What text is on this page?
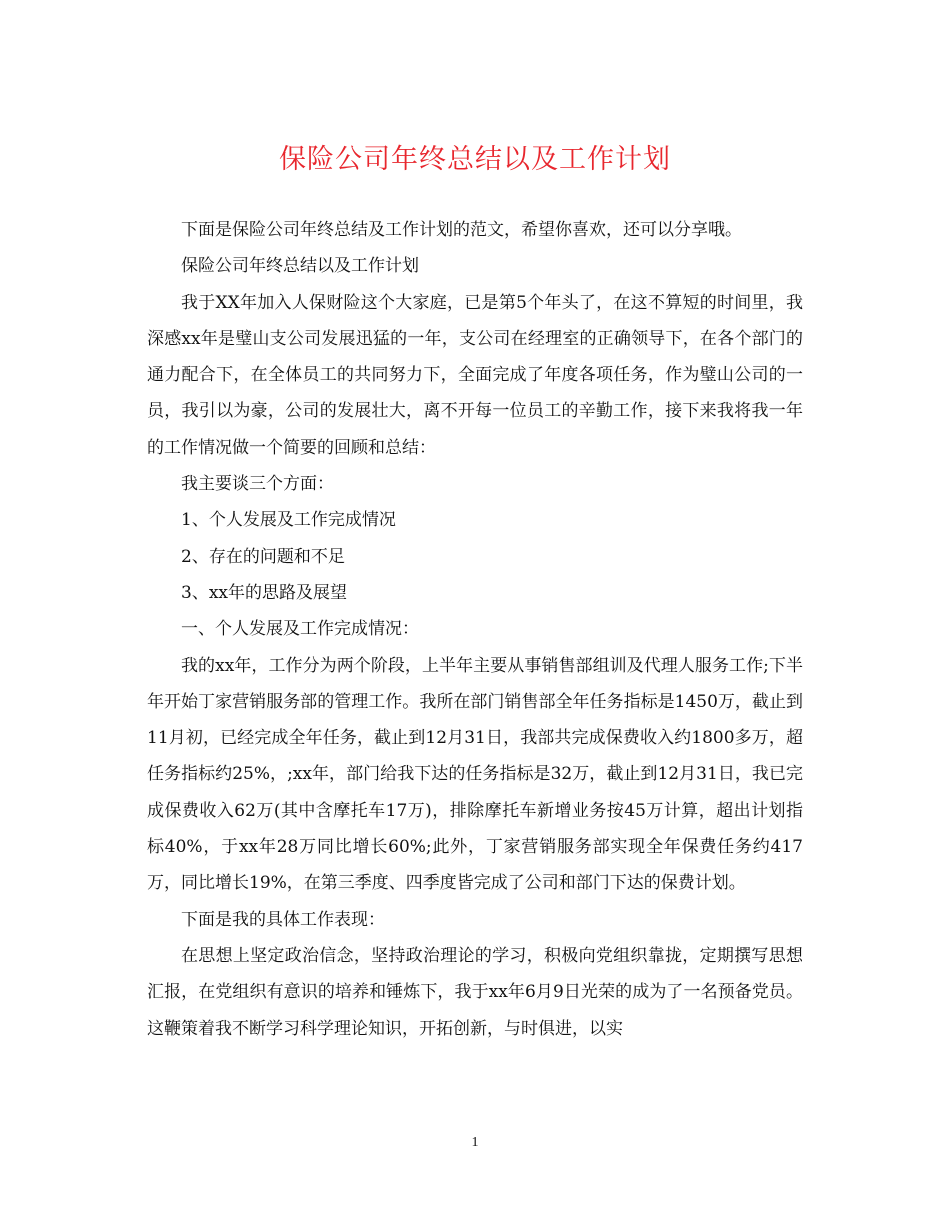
保险公司年终总结以及工作计划

下面是保险公司年终总结及工作计划的范文，希望你喜欢，还可以分享哦。

保险公司年终总结以及工作计划

我于XX年加入人保财险这个大家庭，已是第5个年头了，在这不算短的时间里，我深感xx年是璧山支公司发展迅猛的一年，支公司在经理室的正确领导下，在各个部门的通力配合下，在全体员工的共同努力下，全面完成了年度各项任务，作为璧山公司的一员，我引以为豪，公司的发展壮大，离不开每一位员工的辛勤工作，接下来我将我一年的工作情况做一个简要的回顾和总结：

我主要谈三个方面：

1、个人发展及工作完成情况

2、存在的问题和不足

3、xx年的思路及展望

一、个人发展及工作完成情况：

我的xx年，工作分为两个阶段，上半年主要从事销售部组训及代理人服务工作;下半年开始丁家营销服务部的管理工作。我所在部门销售部全年任务指标是1450万，截止到11月初，已经完成全年任务，截止到12月31日，我部共完成保费收入约1800多万，超任务指标约25%，;xx年，部门给我下达的任务指标是32万，截止到12月31日，我已完成保费收入62万(其中含摩托车17万)，排除摩托车新增业务按45万计算，超出计划指标40%，于xx年28万同比增长60%;此外，丁家营销服务部实现全年保费任务约417万，同比增长19%，在第三季度、四季度皆完成了公司和部门下达的保费计划。

下面是我的具体工作表现：

在思想上坚定政治信念，坚持政治理论的学习，积极向党组织靠拢，定期撰写思想汇报，在党组织有意识的培养和锤炼下，我于xx年6月9日光荣的成为了一名预备党员。这鞭策着我不断学习科学理论知识，开拓创新，与时俱进，以实

1
